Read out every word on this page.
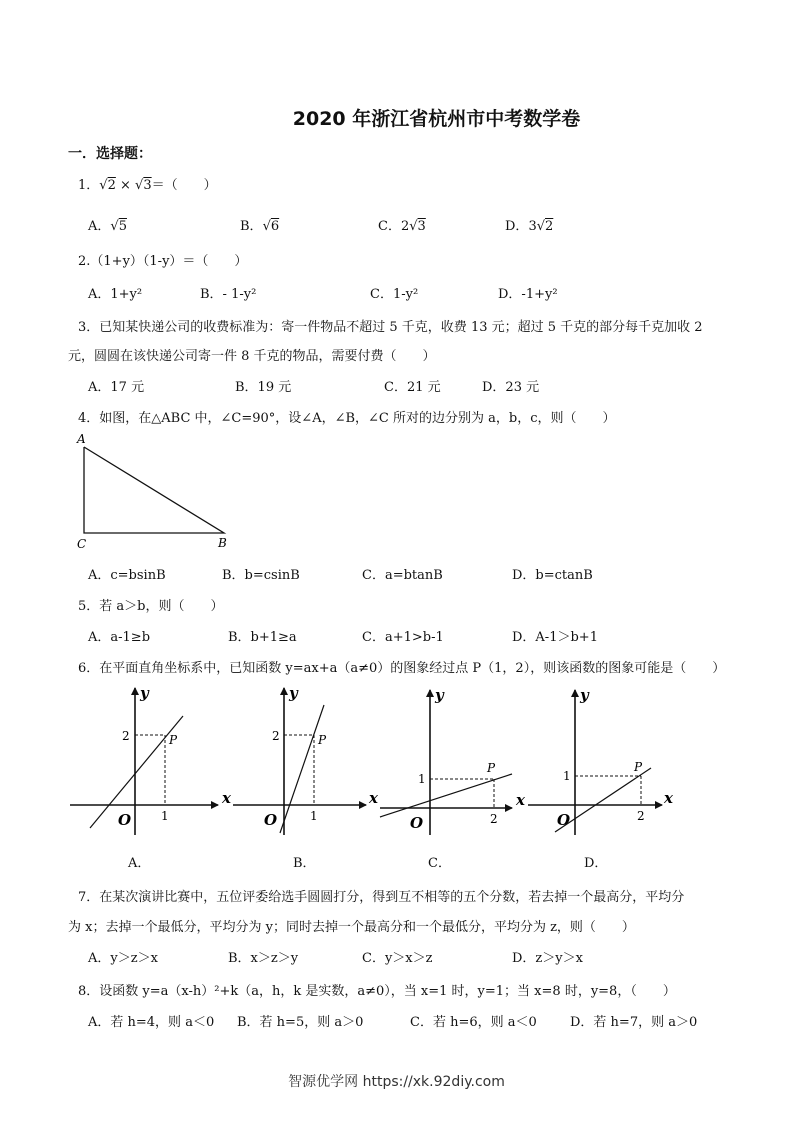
2020 年浙江省杭州市中考数学卷
一．选择题：
1．√2 × √3＝（　　）
A．√5	B．√6	C．2√3	D．3√2
2.（1+y）（1-y）＝（　　）
A．1+y²	B．- 1-y²	C．1-y²	D．-1+y²
3．已知某快递公司的收费标准为：寄一件物品不超过 5 千克，收费 13 元；超过 5 千克的部分每千克加收 2
元，圆圆在该快递公司寄一件 8 千克的物品，需要付费（　　）
A．17 元	B．19 元	C．21 元	D．23 元
4．如图，在△ABC 中，∠C=90°，设∠A，∠B，∠C 所对的边分别为 a，b，c，则（　　）
A
C	B
A．c=bsinB	B．b=csinB	C．a=btanB	D．b=ctanB
5．若 a＞b，则（　　）
A．a-1≥b	B．b+1≥a	C．a+1>b-1	D．A-1＞b+1
6．在平面直角坐标系中，已知函数 y=ax+a（a≠0）的图象经过点 P（1，2），则该函数的图象可能是（　　）
y
x
O
2
1
P
y
x
O
2
1
P
y
x
O
1
2
P
y
x
O
1
2
P
A．	B．	C．	D．
7．在某次演讲比赛中，五位评委给选手圆圆打分，得到互不相等的五个分数，若去掉一个最高分，平均分
为 x；去掉一个最低分，平均分为 y；同时去掉一个最高分和一个最低分，平均分为 z，则（　　）
A．y＞z＞x	B．x＞z＞y	C．y＞x＞z	D．z＞y＞x
8．设函数 y=a（x-h）²+k（a，h，k 是实数，a≠0），当 x=1 时，y=1；当 x=8 时，y=8，（　　）
A．若 h=4，则 a＜0 B．若 h=5，则 a＞0	C．若 h=6，则 a＜0	D．若 h=7，则 a＞0
智源优学网 https://xk.92diy.com
